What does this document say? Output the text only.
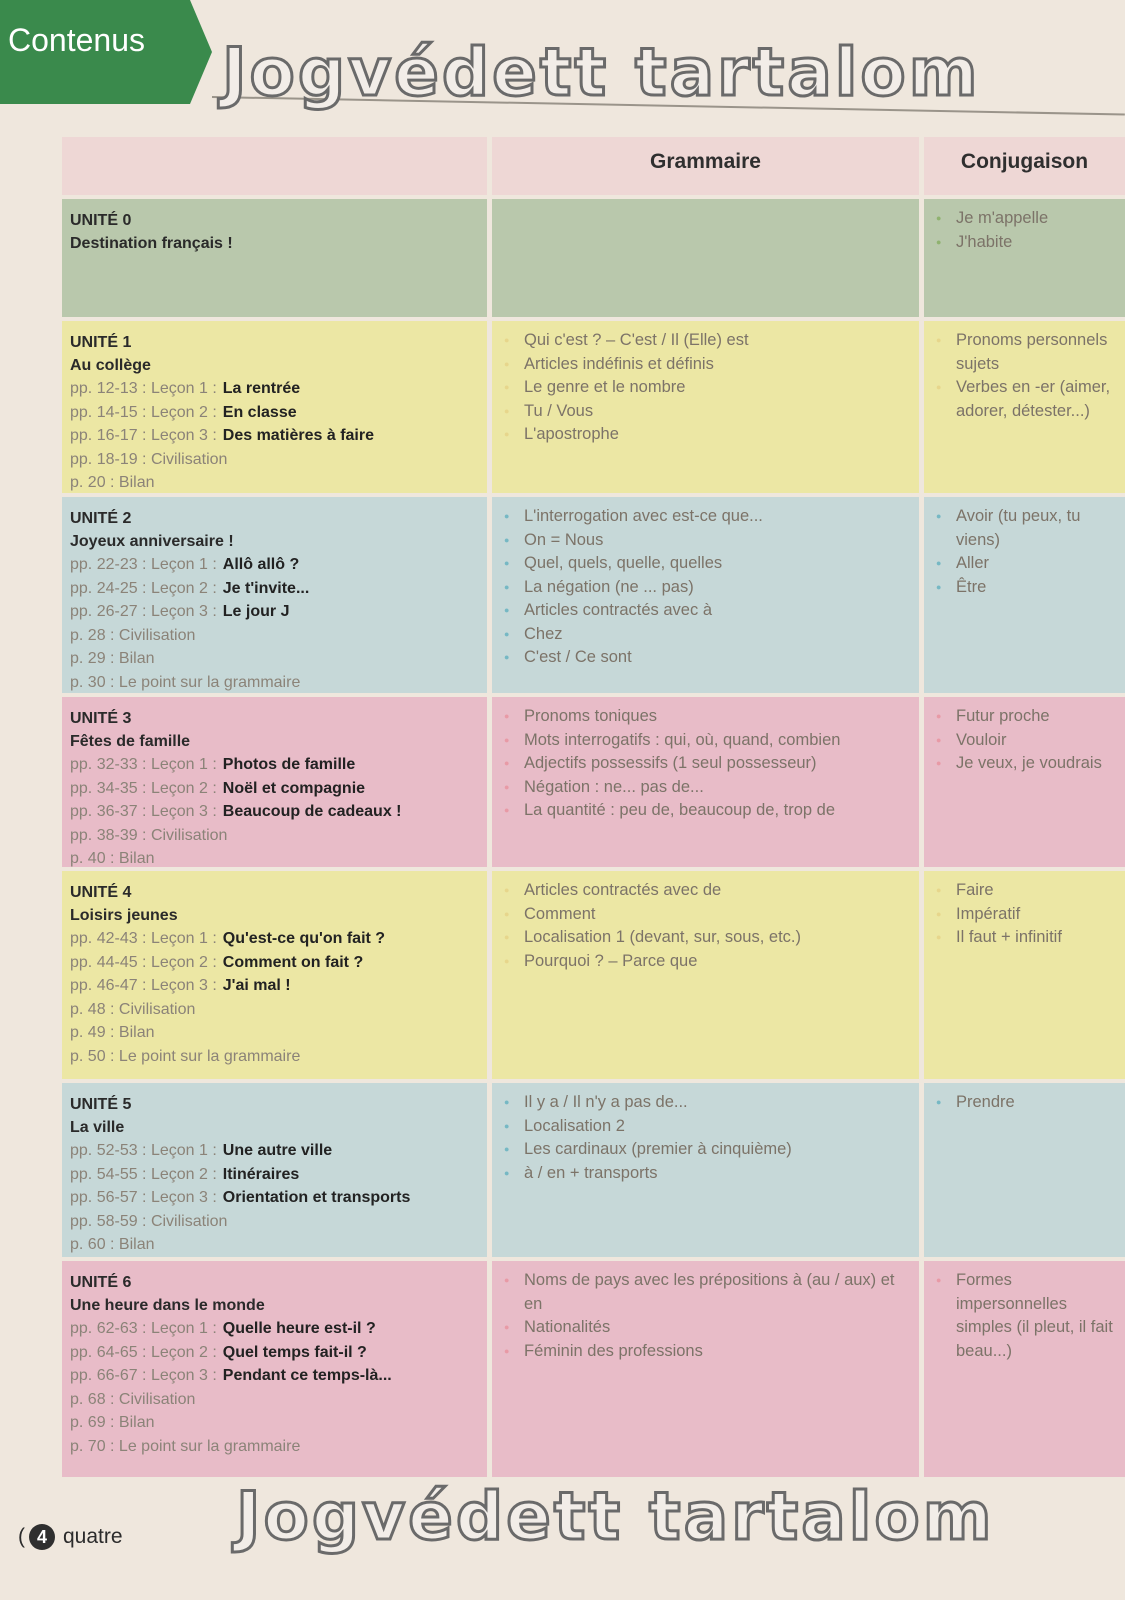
Contenus	Jogvédett tartalom
Grammaire	Conjugaison
UNITÉ 0
Destination français !
● Je m'appelle
● J'habite
UNITÉ 1
Au collège
pp. 12-13 : Leçon 1 : La rentrée
pp. 14-15 : Leçon 2 : En classe
pp. 16-17 : Leçon 3 : Des matières à faire
pp. 18-19 : Civilisation
p. 20 : Bilan
● Qui c'est ? – C'est / Il (Elle) est
● Articles indéfinis et définis
● Le genre et le nombre
● Tu / Vous
● L'apostrophe
● Pronoms personnels sujets
● Verbes en -er (aimer, adorer, détester...)
UNITÉ 2
Joyeux anniversaire !
pp. 22-23 : Leçon 1 : Allô allô ?
pp. 24-25 : Leçon 2 : Je t'invite...
pp. 26-27 : Leçon 3 : Le jour J
p. 28 : Civilisation
p. 29 : Bilan
p. 30 : Le point sur la grammaire
● L'interrogation avec est-ce que...
● On = Nous
● Quel, quels, quelle, quelles
● La négation (ne ... pas)
● Articles contractés avec à
● Chez
● C'est / Ce sont
● Avoir (tu peux, tu viens)
● Aller
● Être
UNITÉ 3
Fêtes de famille
pp. 32-33 : Leçon 1 : Photos de famille
pp. 34-35 : Leçon 2 : Noël et compagnie
pp. 36-37 : Leçon 3 : Beaucoup de cadeaux !
pp. 38-39 : Civilisation
p. 40 : Bilan
● Pronoms toniques
● Mots interrogatifs : qui, où, quand, combien
● Adjectifs possessifs (1 seul possesseur)
● Négation : ne... pas de...
● La quantité : peu de, beaucoup de, trop de
● Futur proche
● Vouloir
● Je veux, je voudrais
UNITÉ 4
Loisirs jeunes
pp. 42-43 : Leçon 1 : Qu'est-ce qu'on fait ?
pp. 44-45 : Leçon 2 : Comment on fait ?
pp. 46-47 : Leçon 3 : J'ai mal !
p. 48 : Civilisation
p. 49 : Bilan
p. 50 : Le point sur la grammaire
● Articles contractés avec de
● Comment
● Localisation 1 (devant, sur, sous, etc.)
● Pourquoi ? – Parce que
● Faire
● Impératif
● Il faut + infinitif
UNITÉ 5
La ville
pp. 52-53 : Leçon 1 : Une autre ville
pp. 54-55 : Leçon 2 : Itinéraires
pp. 56-57 : Leçon 3 : Orientation et transports
pp. 58-59 : Civilisation
p. 60 : Bilan
● Il y a / Il n'y a pas de...
● Localisation 2
● Les cardinaux (premier à cinquième)
● à / en + transports
● Prendre
UNITÉ 6
Une heure dans le monde
pp. 62-63 : Leçon 1 : Quelle heure est-il ?
pp. 64-65 : Leçon 2 : Quel temps fait-il ?
pp. 66-67 : Leçon 3 : Pendant ce temps-là...
p. 68 : Civilisation
p. 69 : Bilan
p. 70 : Le point sur la grammaire
● Noms de pays avec les prépositions à (au / aux) et en
● Nationalités
● Féminin des professions
● Formes impersonnelles simples (il pleut, il fait beau...)
Jogvédett tartalom
( 4 quatre
